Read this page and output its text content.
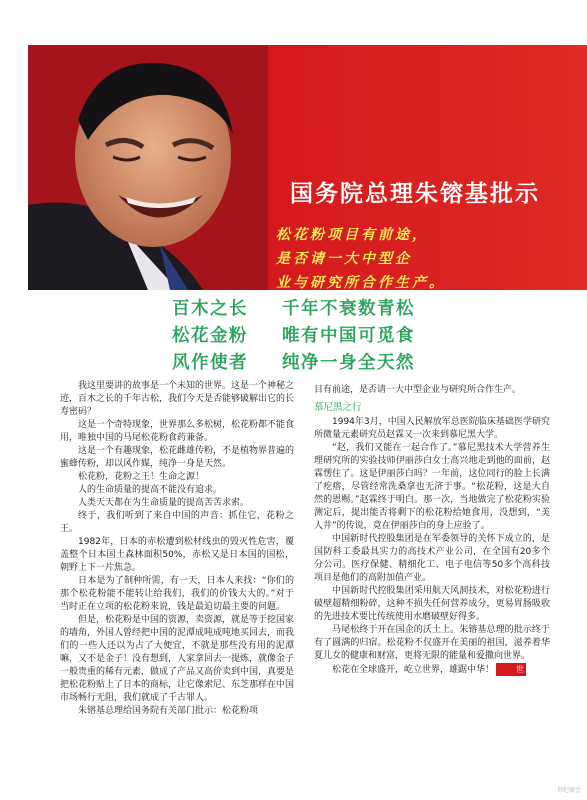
国务院总理朱镕基批示
松花粉项目有前途，
是否请一大中型企
业与研究所合作生产。
百木之长 千年不衰数青松
松花金粉 唯有中国可觅食
风作使者 纯净一身全天然

我这里要讲的故事是一个未知的世界。这是一个神秘之迹，百木之长的千年古松，我们今天是否能够破解出它的长寿密码？

这是一个奇特现象，世界那么多松树，松花粉都不能食用，唯独中国的马尾松花粉食药兼备。

这是一个有趣现象，松花雌雄传粉，不是植物界普遍的蜜蜂传粉，却以风作媒，纯净一身是天然。

松花粉，花粉之王！生命之源！

人的生命质量的提高不能没有追求。

人类天天都在为生命质量的提高苦苦求索。

终于，我们听到了来自中国的声音：抓住它，花粉之王。

1982年，日本的赤松遭到松材线虫的毁灭性危害，覆盖整个日本国土森林面积50%，赤松又是日本国的国松，朝野上下一片焦急。

日本是为了制种所需，有一天，日本人来找：“你们的那个松花粉能不能转让给我们，我们的价钱大大的。”对于当时正在立项的松花粉来说，钱是最迫切最主要的问题。

但是，松花粉是中国的资源，卖资源，就是等于挖国家的墙角，外国人曾经把中国的泥潭成吨成吨地买回去，而我们的一些人还以为占了大便宜，不就是那些没有用的泥潭嘛，又不是金子！没有想到，人家拿回去一提炼，就像金子一般贵重的稀有元素，做成了产品又高价卖到中国，真要是把松花粉贴上了日本的商标，让它像索尼、东芝那样在中国市场畅行无阻，我们就成了千古罪人。

朱镕基总理给国务院有关部门批示：松花粉项

目有前途，是否请一大中型企业与研究所合作生产。

慕尼黑之行

1994年3月，中国人民解放军总医院临床基础医学研究所微量元素研究员赵霖又一次来到慕尼黑大学。

“赵，我们又能在一起合作了。”慕尼黑技术大学营养生理研究所的实验技师伊丽莎白女士高兴地走到他的面前，赵霖愣住了。这是伊丽莎白吗？一年前，这位同行的脸上长满了疙瘩，尽管经常洗桑拿也无济于事。“松花粉，这是大自然的恩赐。”赵霖终于明白。那一次，当地做完了松花粉实验测定后，提出能否将剩下的松花粉给她食用，没想到，“美人井”的传说，竟在伊丽莎白的身上应验了。

中国新时代控股集团是在军委领导的关怀下成立的，是国防科工委最具实力的高技术产业公司，在全国有20多个分公司。医疗保健、精细化工、电子电信等50多个高科技项目是他们的高附加值产业。

中国新时代控股集团采用航天风洞技术，对松花粉进行破壁超精细粉碎，这种不损失任何营养成分，更易胃肠吸收的先进技术要比传统使用水磨破壁好得多。

马尾松终于开在国企的沃土上。朱镕基总理的批示终于有了圆满的归宿。松花粉不仅盛开在美丽的祖国，滋养着华夏儿女的健康和财富，更将无限的能量和爱撒向世界。

松花在全球盛开，屹立世界，雄踞中华！	世

世纪商会
